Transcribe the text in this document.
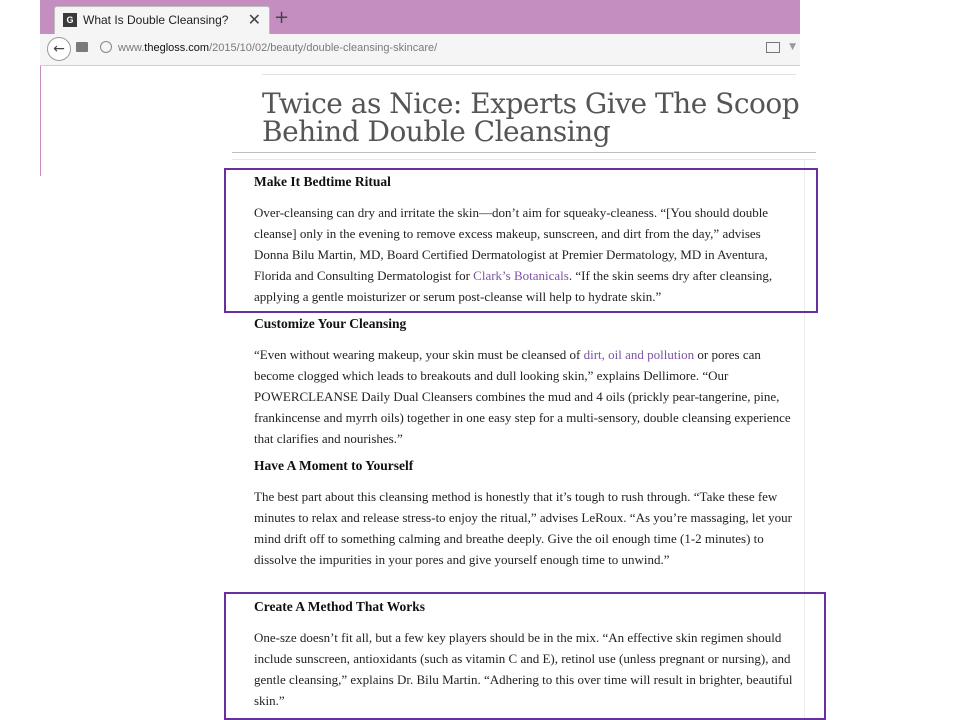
G What Is Double Cleansing? ✕ +
←	www.thegloss.com/2015/10/02/beauty/double-cleansing-skincare/	▼
Twice as Nice: Experts Give The Scoop Behind Double Cleansing
Make It Bedtime Ritual

Over-cleansing can dry and irritate the skin—don’t aim for squeaky-cleaness. “[You should double cleanse] only in the evening to remove excess makeup, sunscreen, and dirt from the day,” advises Donna Bilu Martin, MD, Board Certified Dermatologist at Premier Dermatology, MD in Aventura, Florida and Consulting Dermatologist for Clark’s Botanicals. “If the skin seems dry after cleansing, applying a gentle moisturizer or serum post-cleanse will help to hydrate skin.”

Customize Your Cleansing

“Even without wearing makeup, your skin must be cleansed of dirt, oil and pollution or pores can become clogged which leads to breakouts and dull looking skin,” explains Dellimore. “Our POWERCLEANSE Daily Dual Cleansers combines the mud and 4 oils (prickly pear-tangerine, pine, frankincense and myrrh oils) together in one easy step for a multi-sensory, double cleansing experience that clarifies and nourishes.”

Have A Moment to Yourself

The best part about this cleansing method is honestly that it’s tough to rush through. “Take these few minutes to relax and release stress-to enjoy the ritual,” advises LeRoux. “As you’re massaging, let your mind drift off to something calming and breathe deeply. Give the oil enough time (1-2 minutes) to dissolve the impurities in your pores and give yourself enough time to unwind.”

Create A Method That Works

One-sze doesn’t fit all, but a few key players should be in the mix. “An effective skin regimen should include sunscreen, antioxidants (such as vitamin C and E), retinol use (unless pregnant or nursing), and gentle cleansing,” explains Dr. Bilu Martin. “Adhering to this over time will result in brighter, beautiful skin.”
